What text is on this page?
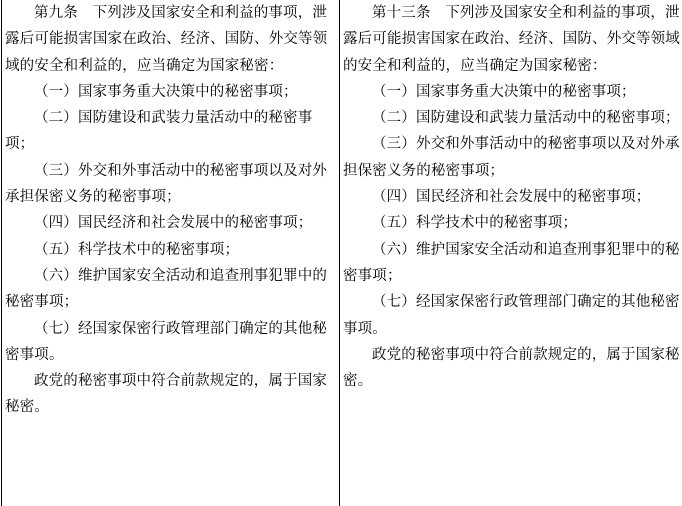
第九条　下列涉及国家安全和利益的事项，泄露后可能损害国家在政治、经济、国防、外交等领域的安全和利益的，应当确定为国家秘密：

（一）国家事务重大决策中的秘密事项；

（二）国防建设和武装力量活动中的秘密事项；

（三）外交和外事活动中的秘密事项以及对外承担保密义务的秘密事项；

（四）国民经济和社会发展中的秘密事项；

（五）科学技术中的秘密事项；

（六）维护国家安全活动和追查刑事犯罪中的秘密事项；

（七）经国家保密行政管理部门确定的其他秘密事项。

政党的秘密事项中符合前款规定的，属于国家秘密。

第十三条　下列涉及国家安全和利益的事项，泄露后可能损害国家在政治、经济、国防、外交等领域的安全和利益的，应当确定为国家秘密：

（一）国家事务重大决策中的秘密事项；

（二）国防建设和武装力量活动中的秘密事项；

（三）外交和外事活动中的秘密事项以及对外承担保密义务的秘密事项；

（四）国民经济和社会发展中的秘密事项；

（五）科学技术中的秘密事项；

（六）维护国家安全活动和追查刑事犯罪中的秘密事项；

（七）经国家保密行政管理部门确定的其他秘密事项。

政党的秘密事项中符合前款规定的，属于国家秘密。
